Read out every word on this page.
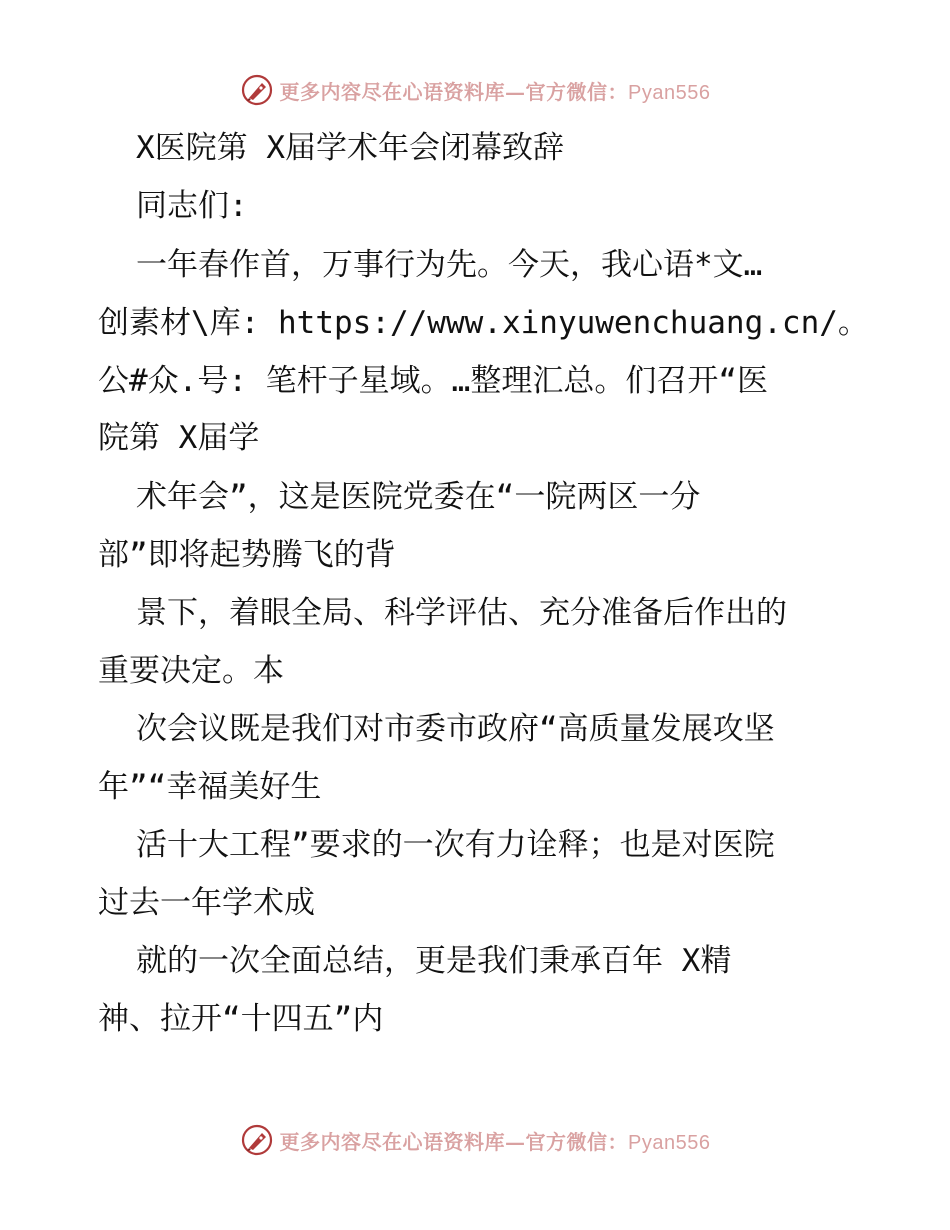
更多内容尽在心语资料库—官方微信：Pyan556
X医院第 X届学术年会闭幕致辞
同志们:
一年春作首，万事行为先。今天，我心语*文…
创素材\库: https://www.xinyuwenchuang.cn/。
公#众.号: 笔杆子星域。…整理汇总。们召开“医
院第 X届学
术年会”，这是医院党委在“一院两区一分
部”即将起势腾飞的背
景下，着眼全局、科学评估、充分准备后作出的
重要决定。本
次会议既是我们对市委市政府“高质量发展攻坚
年”“幸福美好生
活十大工程”要求的一次有力诠释；也是对医院
过去一年学术成
就的一次全面总结，更是我们秉承百年 X精
神、拉开“十四五”内
更多内容尽在心语资料库—官方微信：Pyan556
